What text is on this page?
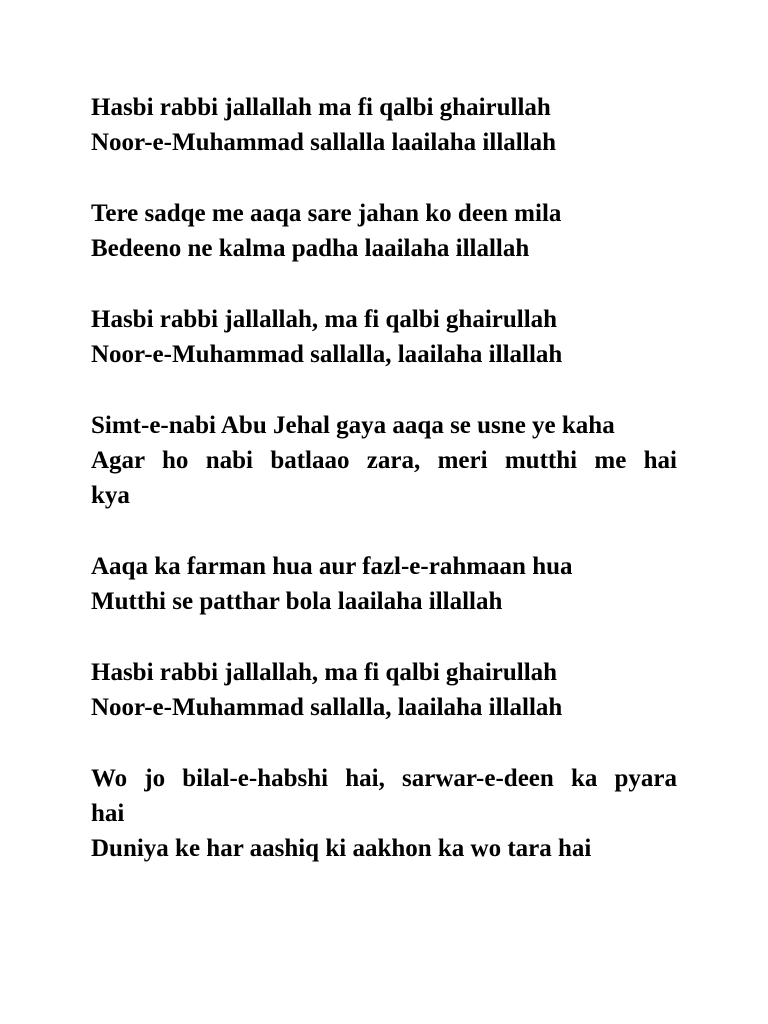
Hasbi rabbi jallallah ma fi qalbi ghairullah
Noor-e-Muhammad sallalla laailaha illallah
Tere sadqe me aaqa sare jahan ko deen mila
Bedeeno ne kalma padha laailaha illallah
Hasbi rabbi jallallah, ma fi qalbi ghairullah
Noor-e-Muhammad sallalla, laailaha illallah
Simt-e-nabi Abu Jehal gaya aaqa se usne ye kaha
Agar ho nabi batlaao zara, meri mutthi me hai
kya
Aaqa ka farman hua aur fazl-e-rahmaan hua
Mutthi se patthar bola laailaha illallah
Hasbi rabbi jallallah, ma fi qalbi ghairullah
Noor-e-Muhammad sallalla, laailaha illallah
Wo jo bilal-e-habshi hai, sarwar-e-deen ka pyara
hai
Duniya ke har aashiq ki aakhon ka wo tara hai
